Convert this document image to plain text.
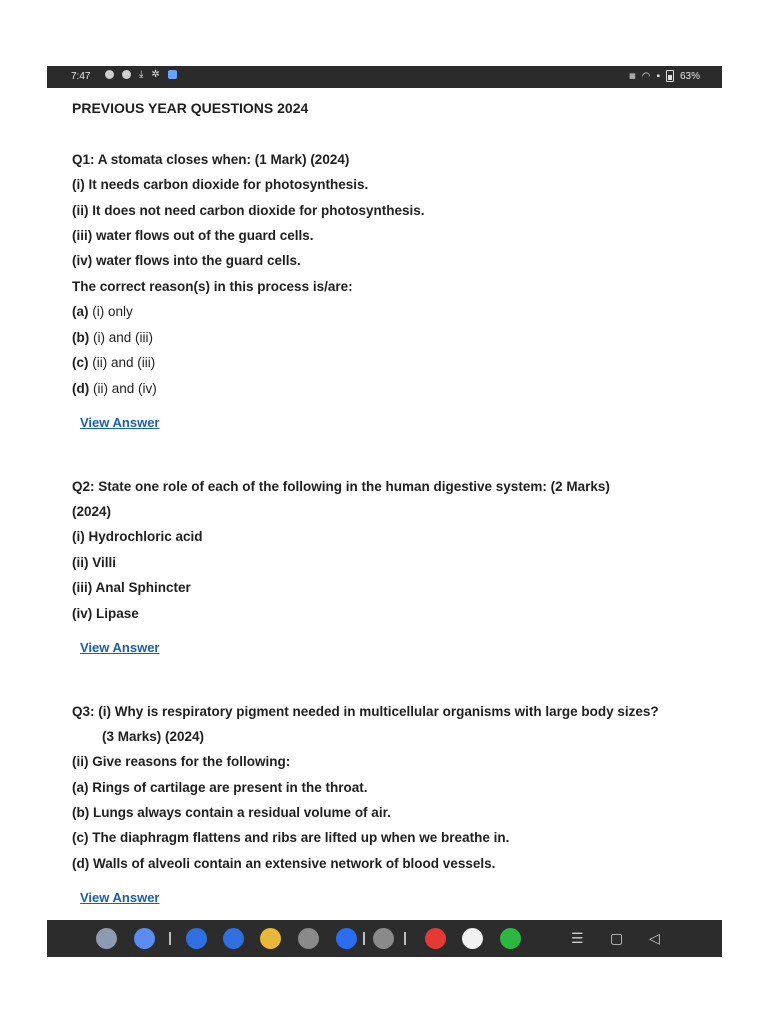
7:47	⤓ ✲	▦ ◠ ▪ 63%
PREVIOUS YEAR QUESTIONS 2024
Q1: A stomata closes when: (1 Mark) (2024)
(i) It needs carbon dioxide for photosynthesis.
(ii) It does not need carbon dioxide for photosynthesis.
(iii) water flows out of the guard cells.
(iv) water flows into the guard cells.
The correct reason(s) in this process is/are:
(a) (i) only
(b) (i) and (iii)
(c) (ii) and (iii)
(d) (ii) and (iv)
View Answer
Q2: State one role of each of the following in the human digestive system: (2 Marks)
(2024)
(i) Hydrochloric acid
(ii) Villi
(iii) Anal Sphincter
(iv) Lipase
View Answer
Q3: (i) Why is respiratory pigment needed in multicellular organisms with large body sizes?
(3 Marks) (2024)
(ii) Give reasons for the following:
(a) Rings of cartilage are present in the throat.
(b) Lungs always contain a residual volume of air.
(c) The diaphragm flattens and ribs are lifted up when we breathe in.
(d) Walls of alveoli contain an extensive network of blood vessels.
View Answer
☰ ▢ ◁
